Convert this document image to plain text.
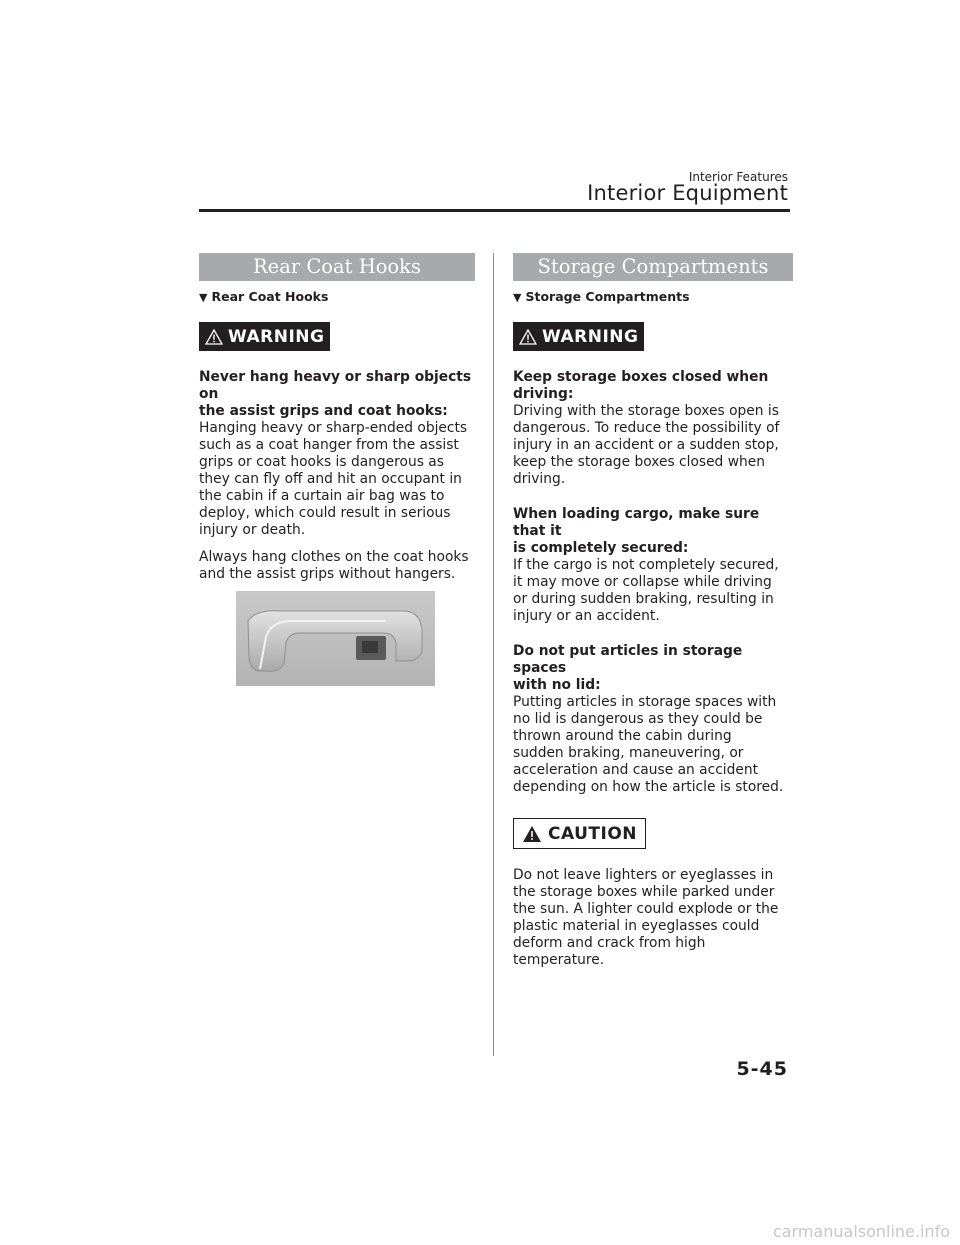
Interior Features
Interior Equipment
Rear Coat Hooks
▼ Rear Coat Hooks
WARNING

Never hang heavy or sharp objects on
the assist grips and coat hooks:

Hanging heavy or sharp-ended objects
such as a coat hanger from the assist
grips or coat hooks is dangerous as
they can fly off and hit an occupant in
the cabin if a curtain air bag was to
deploy, which could result in serious
injury or death.

Always hang clothes on the coat hooks
and the assist grips without hangers.

Storage Compartments
▼ Storage Compartments
WARNING

Keep storage boxes closed when
driving:

Driving with the storage boxes open is
dangerous. To reduce the possibility of
injury in an accident or a sudden stop,
keep the storage boxes closed when
driving.

When loading cargo, make sure that it
is completely secured:

If the cargo is not completely secured,
it may move or collapse while driving
or during sudden braking, resulting in
injury or an accident.

Do not put articles in storage spaces
with no lid:

Putting articles in storage spaces with
no lid is dangerous as they could be
thrown around the cabin during
sudden braking, maneuvering, or
acceleration and cause an accident
depending on how the article is stored.

CAUTION

Do not leave lighters or eyeglasses in
the storage boxes while parked under
the sun. A lighter could explode or the
plastic material in eyeglasses could
deform and crack from high
temperature.

5-45
carmanualsonline.info
